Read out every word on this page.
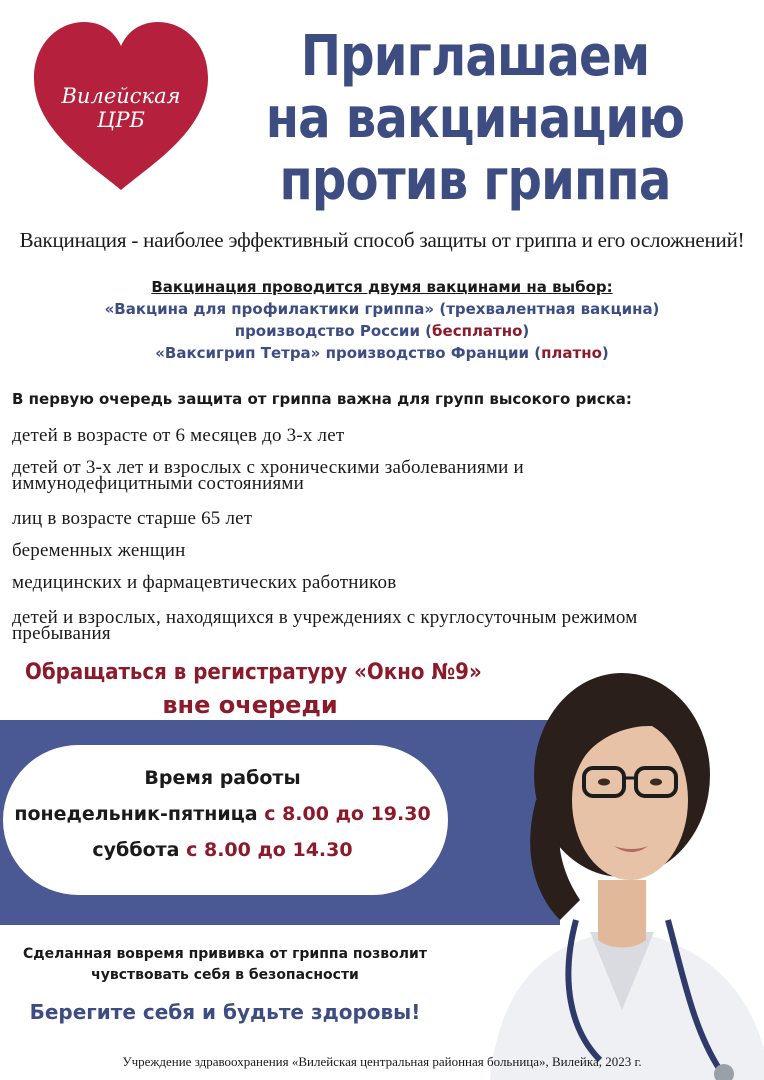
Вилейская
ЦРБ
Приглашаем
на вакцинацию
против гриппа
Вакцинация - наиболее эффективный способ защиты от гриппа и его осложнений!
Вакцинация проводится двумя вакцинами на выбор:
«Вакцина для профилактики гриппа» (трехвалентная вакцина)
производство России (бесплатно)
«Ваксигрип Тетра» производство Франции (платно)
В первую очередь защита от гриппа важна для групп высокого риска:
детей в возрасте от 6 месяцев до 3-х лет
детей от 3-х лет и взрослых с хроническими заболеваниями и иммунодефицитными состояниями
лиц в возрасте старше 65 лет
беременных женщин
медицинских и фармацевтических работников
детей и взрослых, находящихся в учреждениях с круглосуточным режимом пребывания
Обращаться в регистратуру «Окно №9»
вне очереди
Время работы
понедельник-пятница с 8.00 до 19.30
суббота с 8.00 до 14.30
Сделанная вовремя прививка от гриппа позволит
чувствовать себя в безопасности
Берегите себя и будьте здоровы!
Учреждение здравоохранения «Вилейская центральная районная больница», Вилейка, 2023 г.
